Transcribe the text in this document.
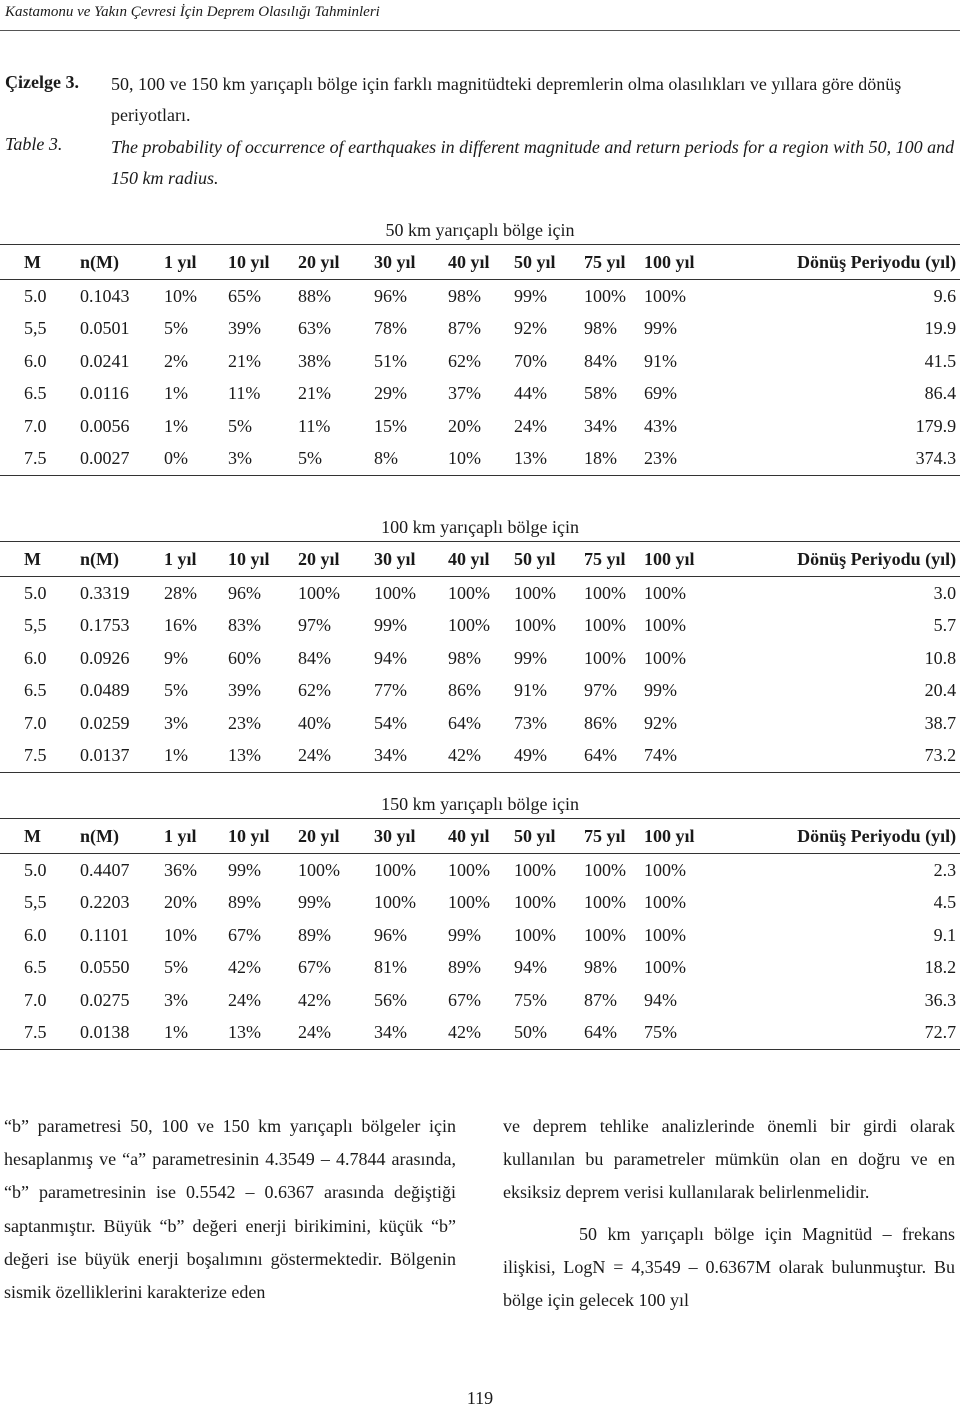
Kastamonu ve Yakın Çevresi İçin Deprem Olasılığı Tahminleri
Çizelge 3. 50, 100 ve 150 km yarıçaplı bölge için farklı magnitüdteki depremlerin olma olasılıkları ve yıllara göre dönüş periyotları.
Table 3.	The probability of occurrence of earthquakes in different magnitude and return periods for a region with 50, 100 and 150 km radius.
50 km yarıçaplı bölge için										
M	n(M)	1 yıl	10 yıl	20 yıl	30 yıl	40 yıl	50 yıl	75 yıl	100 yıl	Dönüş Periyodu (yıl)
5.0	0.1043	10%	65%	88%	96%	98%	99%	100%	100%	9.6
5,5	0.0501	5%	39%	63%	78%	87%	92%	98%	99%	19.9
6.0	0.0241	2%	21%	38%	51%	62%	70%	84%	91%	41.5
6.5	0.0116	1%	11%	21%	29%	37%	44%	58%	69%	86.4
7.0	0.0056	1%	5%	11%	15%	20%	24%	34%	43%	179.9
7.5	0.0027	0%	3%	5%	8%	10%	13%	18%	23%	374.3
100 km yarıçaplı bölge için										
M	n(M)	1 yıl	10 yıl	20 yıl	30 yıl	40 yıl	50 yıl	75 yıl	100 yıl	Dönüş Periyodu (yıl)
5.0	0.3319	28%	96%	100%	100%	100%	100%	100%	100%	3.0
5,5	0.1753	16%	83%	97%	99%	100%	100%	100%	100%	5.7
6.0	0.0926	9%	60%	84%	94%	98%	99%	100%	100%	10.8
6.5	0.0489	5%	39%	62%	77%	86%	91%	97%	99%	20.4
7.0	0.0259	3%	23%	40%	54%	64%	73%	86%	92%	38.7
7.5	0.0137	1%	13%	24%	34%	42%	49%	64%	74%	73.2
150 km yarıçaplı bölge için										
M	n(M)	1 yıl	10 yıl	20 yıl	30 yıl	40 yıl	50 yıl	75 yıl	100 yıl	Dönüş Periyodu (yıl)
5.0	0.4407	36%	99%	100%	100%	100%	100%	100%	100%	2.3
5,5	0.2203	20%	89%	99%	100%	100%	100%	100%	100%	4.5
6.0	0.1101	10%	67%	89%	96%	99%	100%	100%	100%	9.1
6.5	0.0550	5%	42%	67%	81%	89%	94%	98%	100%	18.2
7.0	0.0275	3%	24%	42%	56%	67%	75%	87%	94%	36.3
7.5	0.0138	1%	13%	24%	34%	42%	50%	64%	75%	72.7

“b” parametresi 50, 100 ve 150 km yarıçaplı bölgeler için hesaplanmış ve “a” parametresinin 4.3549 – 4.7844 arasında, “b” parametresinin ise 0.5542 – 0.6367 arasında değiştiği saptanmıştır. Büyük “b” değeri enerji birikimini, küçük “b” değeri ise büyük enerji boşalımını göstermektedir. Bölgenin sismik özelliklerini karakterize eden

ve deprem tehlike analizlerinde önemli bir girdi olarak kullanılan bu parametreler mümkün olan en doğru ve en eksiksiz deprem verisi kullanılarak belirlenmelidir.

50 km yarıçaplı bölge için Magnitüd – frekans ilişkisi, LogN = 4,3549 – 0.6367M olarak bulunmuştur. Bu bölge için gelecek 100 yıl

119
